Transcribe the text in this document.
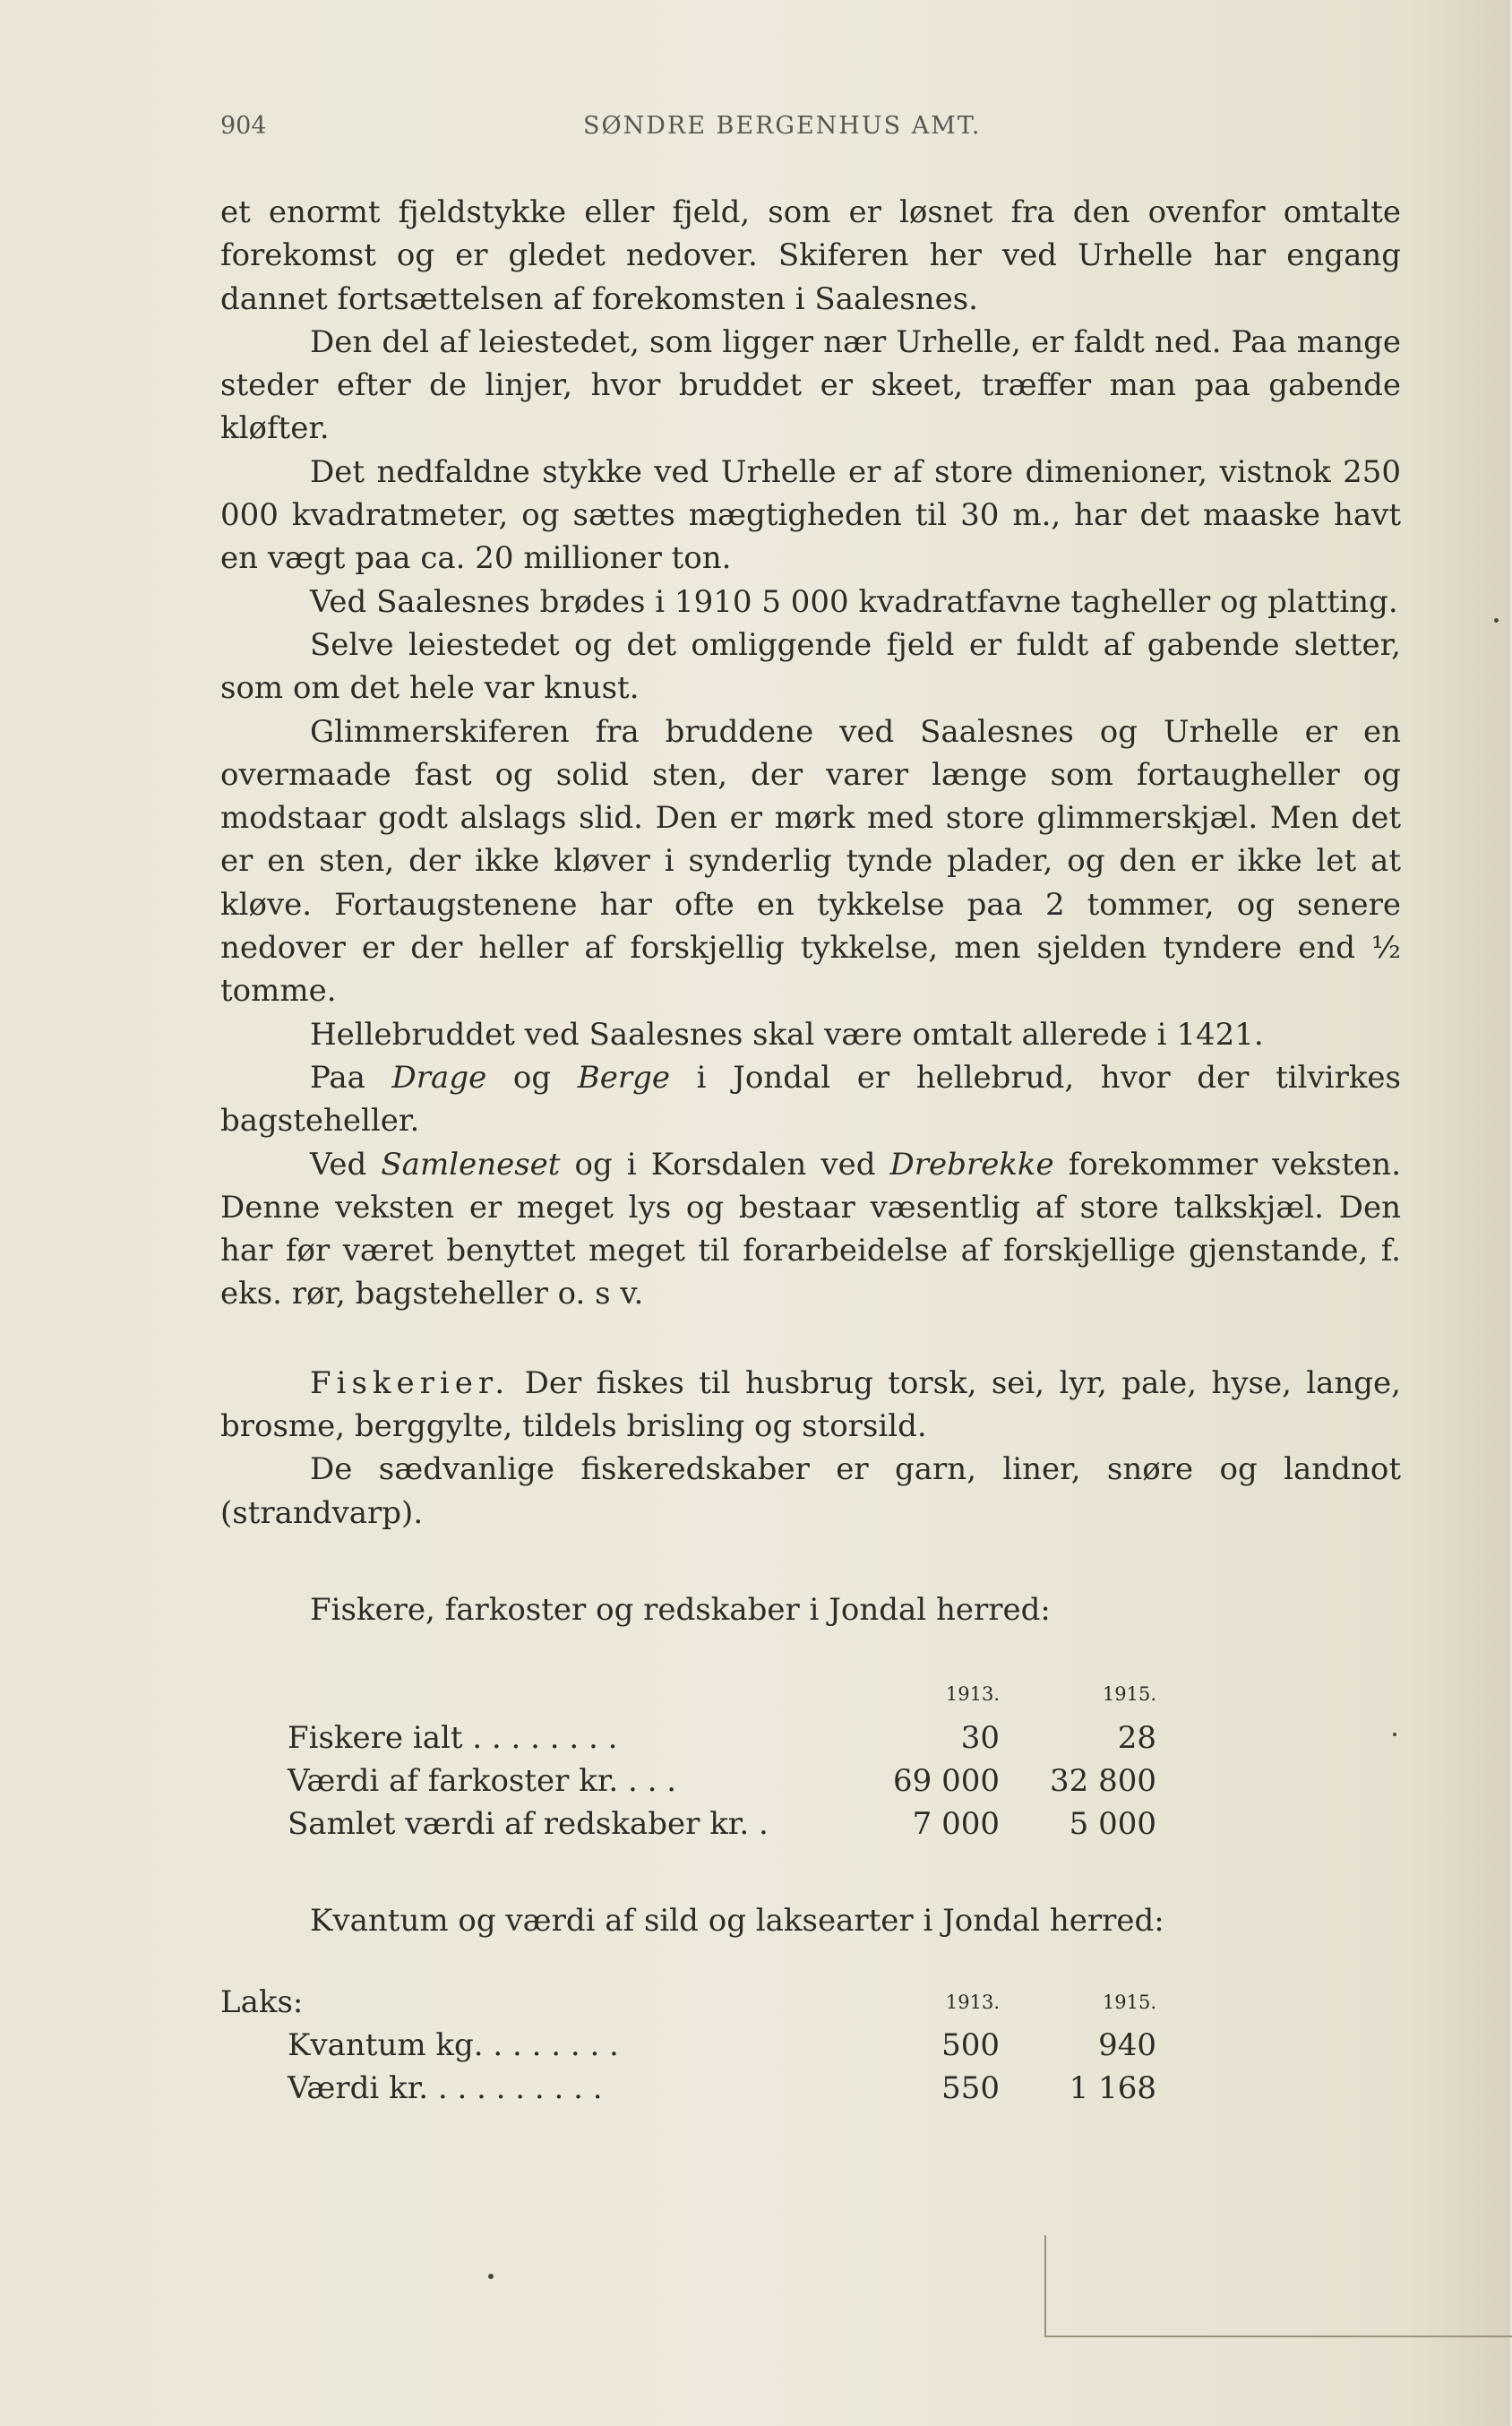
904	SØNDRE BERGENHUS AMT.

et enormt fjeldstykke eller fjeld, som er løsnet fra den ovenfor omtalte forekomst og er gledet nedover. Skiferen her ved Urhelle har engang dannet fortsættelsen af forekomsten i Saalesnes.

Den del af leiestedet, som ligger nær Urhelle, er faldt ned. Paa mange steder efter de linjer, hvor bruddet er skeet, træffer man paa gabende kløfter.

Det nedfaldne stykke ved Urhelle er af store dimenioner, vistnok 250 000 kvadratmeter, og sættes mægtigheden til 30 m., har det maaske havt en vægt paa ca. 20 millioner ton.

Ved Saalesnes brødes i 1910 5 000 kvadratfavne tagheller og platting.

Selve leiestedet og det omliggende fjeld er fuldt af gabende sletter, som om det hele var knust.

Glimmerskiferen fra bruddene ved Saalesnes og Urhelle er en overmaade fast og solid sten, der varer længe som fortaugheller og modstaar godt alslags slid. Den er mørk med store glimmerskjæl. Men det er en sten, der ikke kløver i synderlig tynde plader, og den er ikke let at kløve. Fortaugstenene har ofte en tykkelse paa 2 tommer, og senere nedover er der heller af forskjellig tykkelse, men sjelden tyndere end ½ tomme.

Hellebruddet ved Saalesnes skal være omtalt allerede i 1421.

Paa Drage og Berge i Jondal er hellebrud, hvor der tilvirkes bagsteheller.

Ved Samleneset og i Korsdalen ved Drebrekke forekommer veksten. Denne veksten er meget lys og bestaar væsentlig af store talkskjæl. Den har før været benyttet meget til forarbeidelse af forskjellige gjenstande, f. eks. rør, bagsteheller o. s v.

Fiskerier. Der fiskes til husbrug torsk, sei, lyr, pale, hyse, lange, brosme, berggylte, tildels brisling og storsild.

De sædvanlige fiskeredskaber er garn, liner, snøre og landnot (strandvarp).

Fiskere, farkoster og redskaber i Jondal herred:

	1913.	1915.
Fiskere ialt . . . . . . . .	30	28
Værdi af farkoster kr. . . .	69 000	32 800
Samlet værdi af redskaber kr. .	7 000	5 000

Kvantum og værdi af sild og laksearter i Jondal herred:

Laks:	1913.	1915.
Kvantum kg. . . . . . . .	500	940
Værdi kr. . . . . . . . . .	550	1 168
